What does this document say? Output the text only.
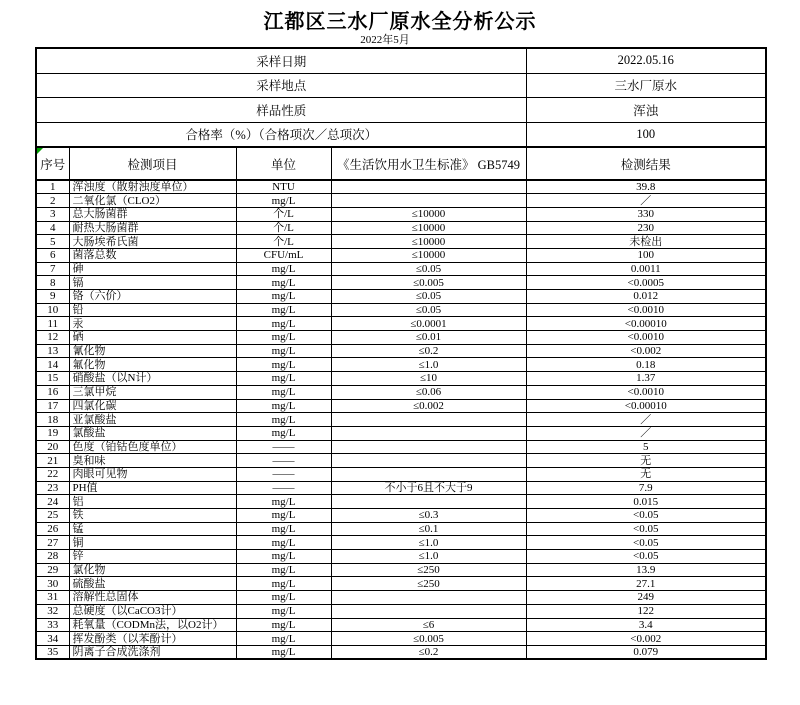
江都区三水厂原水全分析公示
2022年5月
采样日期				2022.05.16
采样地点				三水厂原水
样品性质				浑浊
合格率（%）（合格项次／总项次）				100
序号	检测项目	单位	《生活饮用水卫生标准》 GB5749	检测结果
1	浑浊度（散射浊度单位）	NTU		39.8
2	二氧化氯（CLO2）	mg/L		／
3	总大肠菌群	个/L	≤10000	330
4	耐热大肠菌群	个/L	≤10000	230
5	大肠埃希氏菌	个/L	≤10000	未检出
6	菌落总数	CFU/mL	≤10000	100
7	砷	mg/L	≤0.05	0.0011
8	镉	mg/L	≤0.005	<0.0005
9	铬（六价）	mg/L	≤0.05	0.012
10	铅	mg/L	≤0.05	<0.0010
11	汞	mg/L	≤0.0001	<0.00010
12	硒	mg/L	≤0.01	<0.0010
13	氰化物	mg/L	≤0.2	<0.002
14	氟化物	mg/L	≤1.0	0.18
15	硝酸盐（以N计）	mg/L	≤10	1.37
16	三氯甲烷	mg/L	≤0.06	<0.0010
17	四氯化碳	mg/L	≤0.002	<0.00010
18	亚氯酸盐	mg/L		／
19	氯酸盐	mg/L		／
20	色度（铂钴色度单位）	——		5
21	臭和味	——		无
22	肉眼可见物	——		无
23	PH值	——	不小于6且不大于9	7.9
24	铝	mg/L		0.015
25	铁	mg/L	≤0.3	<0.05
26	锰	mg/L	≤0.1	<0.05
27	铜	mg/L	≤1.0	<0.05
28	锌	mg/L	≤1.0	<0.05
29	氯化物	mg/L	≤250	13.9
30	硫酸盐	mg/L	≤250	27.1
31	溶解性总固体	mg/L		249
32	总硬度（以CaCO3计）	mg/L		122
33	耗氧量（CODMn法，以O2计）	mg/L	≤6	3.4
34	挥发酚类（以苯酚计）	mg/L	≤0.005	<0.002
35	阴离子合成洗涤剂	mg/L	≤0.2	0.079
